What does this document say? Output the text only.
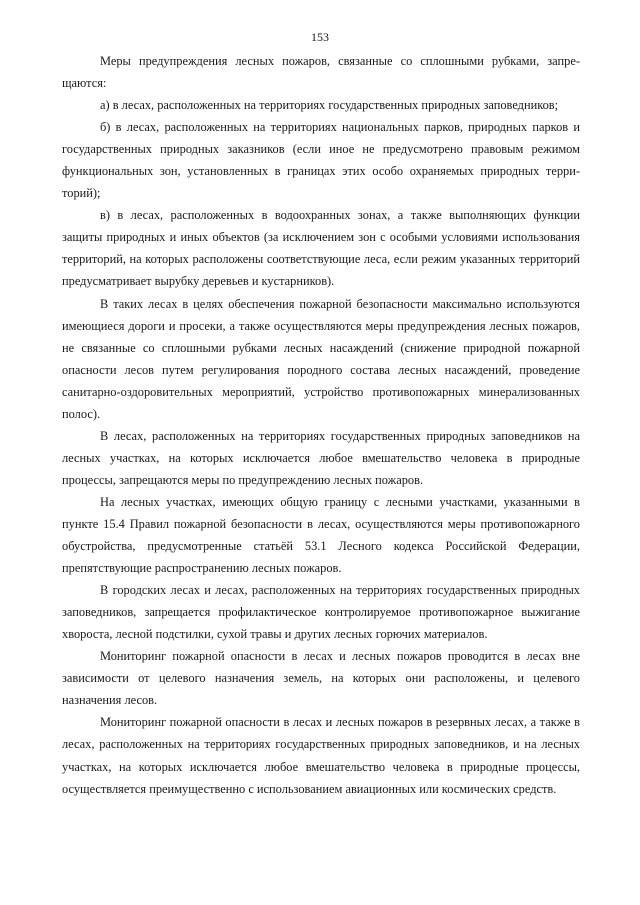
153

Меры предупреждения лесных пожаров, связанные со сплошными рубками, запрещаются:

а) в лесах, расположенных на территориях государственных природных заповедников;

б) в лесах, расположенных на территориях национальных парков, природных парков и государственных природных заказников (если иное не предусмотрено правовым режимом функциональных зон, установленных в границах этих особо охраняемых природных территорий);

в) в лесах, расположенных в водоохранных зонах, а также выполняющих функции защиты природных и иных объектов (за исключением зон с особыми условиями использования территорий, на которых расположены соответствующие леса, если режим указанных территорий предусматривает вырубку деревьев и кустарников).

В таких лесах в целях обеспечения пожарной безопасности максимально используются имеющиеся дороги и просеки, а также осуществляются меры предупреждения лесных пожаров, не связанные со сплошными рубками лесных насаждений (снижение природной пожарной опасности лесов путем регулирования породного состава лесных насаждений, проведение санитарно-оздоровительных мероприятий, устройство противопожарных минерализованных полос).

В лесах, расположенных на территориях государственных природных заповедников на лесных участках, на которых исключается любое вмешательство человека в природные процессы, запрещаются меры по предупреждению лесных пожаров.

На лесных участках, имеющих общую границу с лесными участками, указанными в пункте 15.4 Правил пожарной безопасности в лесах, осуществляются меры противопожарного обустройства, предусмотренные статьёй 53.1 Лесного кодекса Российской Федерации, препятствующие распространению лесных пожаров.

В городских лесах и лесах, расположенных на территориях государственных природных заповедников, запрещается профилактическое контролируемое противопожарное выжигание хвороста, лесной подстилки, сухой травы и других лесных горючих материалов.

Мониторинг пожарной опасности в лесах и лесных пожаров проводится в лесах вне зависимости от целевого назначения земель, на которых они расположены, и целевого назначения лесов.

Мониторинг пожарной опасности в лесах и лесных пожаров в резервных лесах, а также в лесах, расположенных на территориях государственных природных заповедников, и на лесных участках, на которых исключается любое вмешательство человека в природные процессы, осуществляется преимущественно с использованием авиационных или космических средств.
